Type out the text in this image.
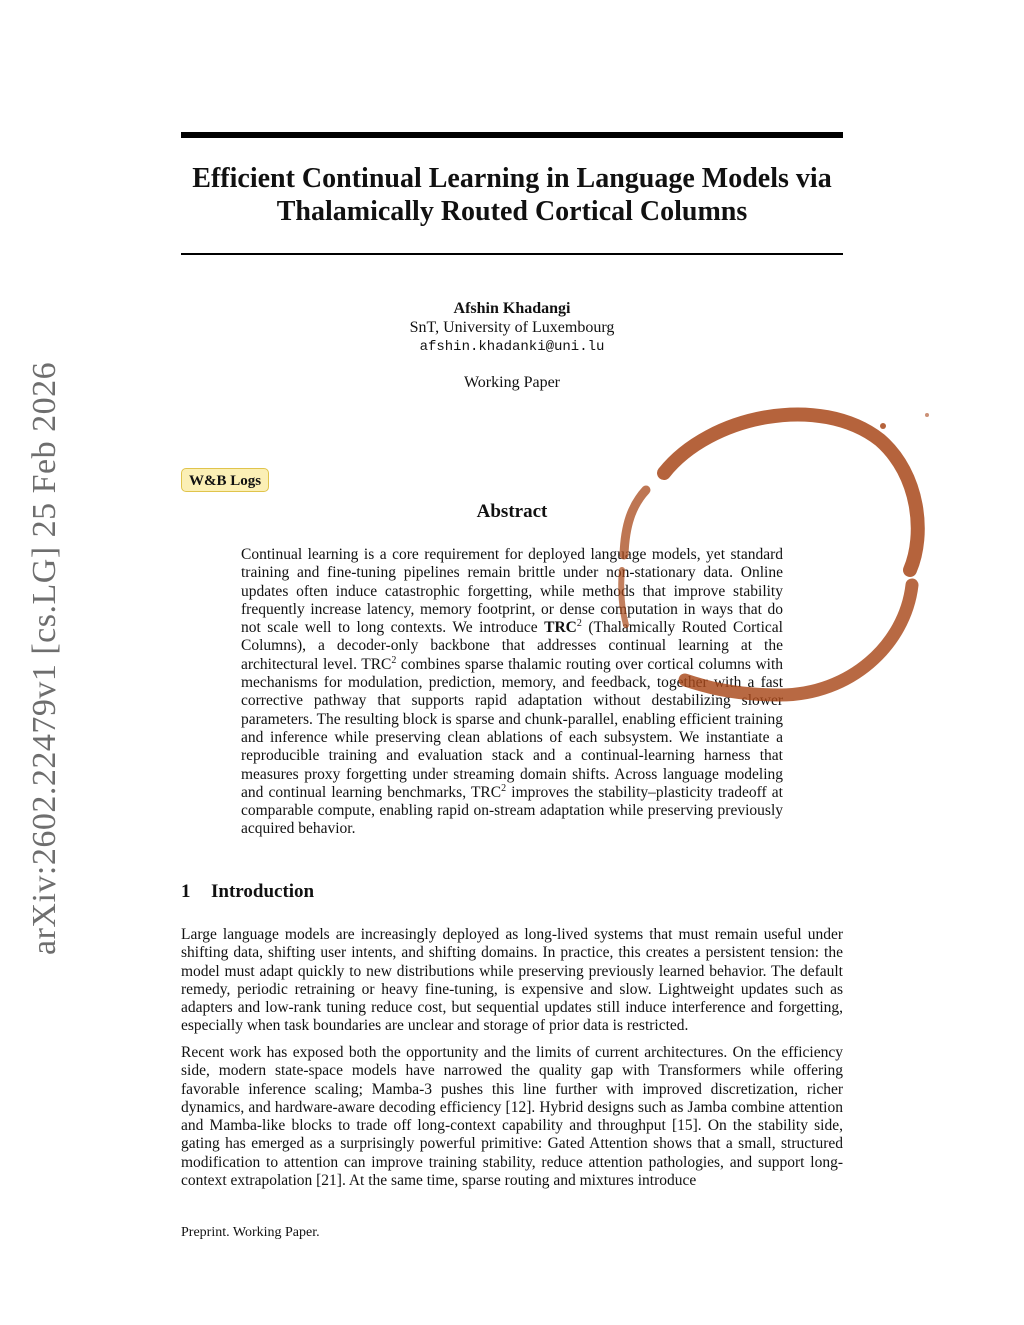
arXiv:2602.22479v1 [cs.LG] 25 Feb 2026
Efficient Continual Learning in Language Models via
Thalamically Routed Cortical Columns
Afshin Khadangi
SnT, University of Luxembourg
afshin.khadanki@uni.lu
Working Paper
W&B Logs
Abstract

Continual learning is a core requirement for deployed language models, yet standard training and fine-tuning pipelines remain brittle under non-stationary data. Online updates often induce catastrophic forgetting, while methods that improve stability frequently increase latency, memory footprint, or dense computation in ways that do not scale well to long contexts. We introduce TRC$^2$ (Thalamically Routed Cortical Columns), a decoder-only backbone that addresses continual learning at the architectural level. TRC$^2$ combines sparse thalamic routing over cortical columns with mechanisms for modulation, prediction, memory, and feedback, together with a fast corrective pathway that supports rapid adaptation without destabilizing slower parameters. The resulting block is sparse and chunk-parallel, enabling efficient training and inference while preserving clean ablations of each subsystem. We instantiate a reproducible training and evaluation stack and a continual-learning harness that measures proxy forgetting under streaming domain shifts. Across language modeling and continual learning benchmarks, TRC$^2$ improves the stability–plasticity tradeoff at comparable compute, enabling rapid on-stream adaptation while preserving previously acquired behavior.

1 Introduction

Large language models are increasingly deployed as long-lived systems that must remain useful under shifting data, shifting user intents, and shifting domains. In practice, this creates a persistent tension: the model must adapt quickly to new distributions while preserving previously learned behavior. The default remedy, periodic retraining or heavy fine-tuning, is expensive and slow. Lightweight updates such as adapters and low-rank tuning reduce cost, but sequential updates still induce interference and forgetting, especially when task boundaries are unclear and storage of prior data is restricted.

Recent work has exposed both the opportunity and the limits of current architectures. On the efficiency side, modern state-space models have narrowed the quality gap with Transformers while offering favorable inference scaling; Mamba-3 pushes this line further with improved discretization, richer dynamics, and hardware-aware decoding efficiency [12]. Hybrid designs such as Jamba combine attention and Mamba-like blocks to trade off long-context capability and throughput [15]. On the stability side, gating has emerged as a surprisingly powerful primitive: Gated Attention shows that a small, structured modification to attention can improve training stability, reduce attention pathologies, and support long-context extrapolation [21]. At the same time, sparse routing and mixtures introduce

Preprint. Working Paper.
